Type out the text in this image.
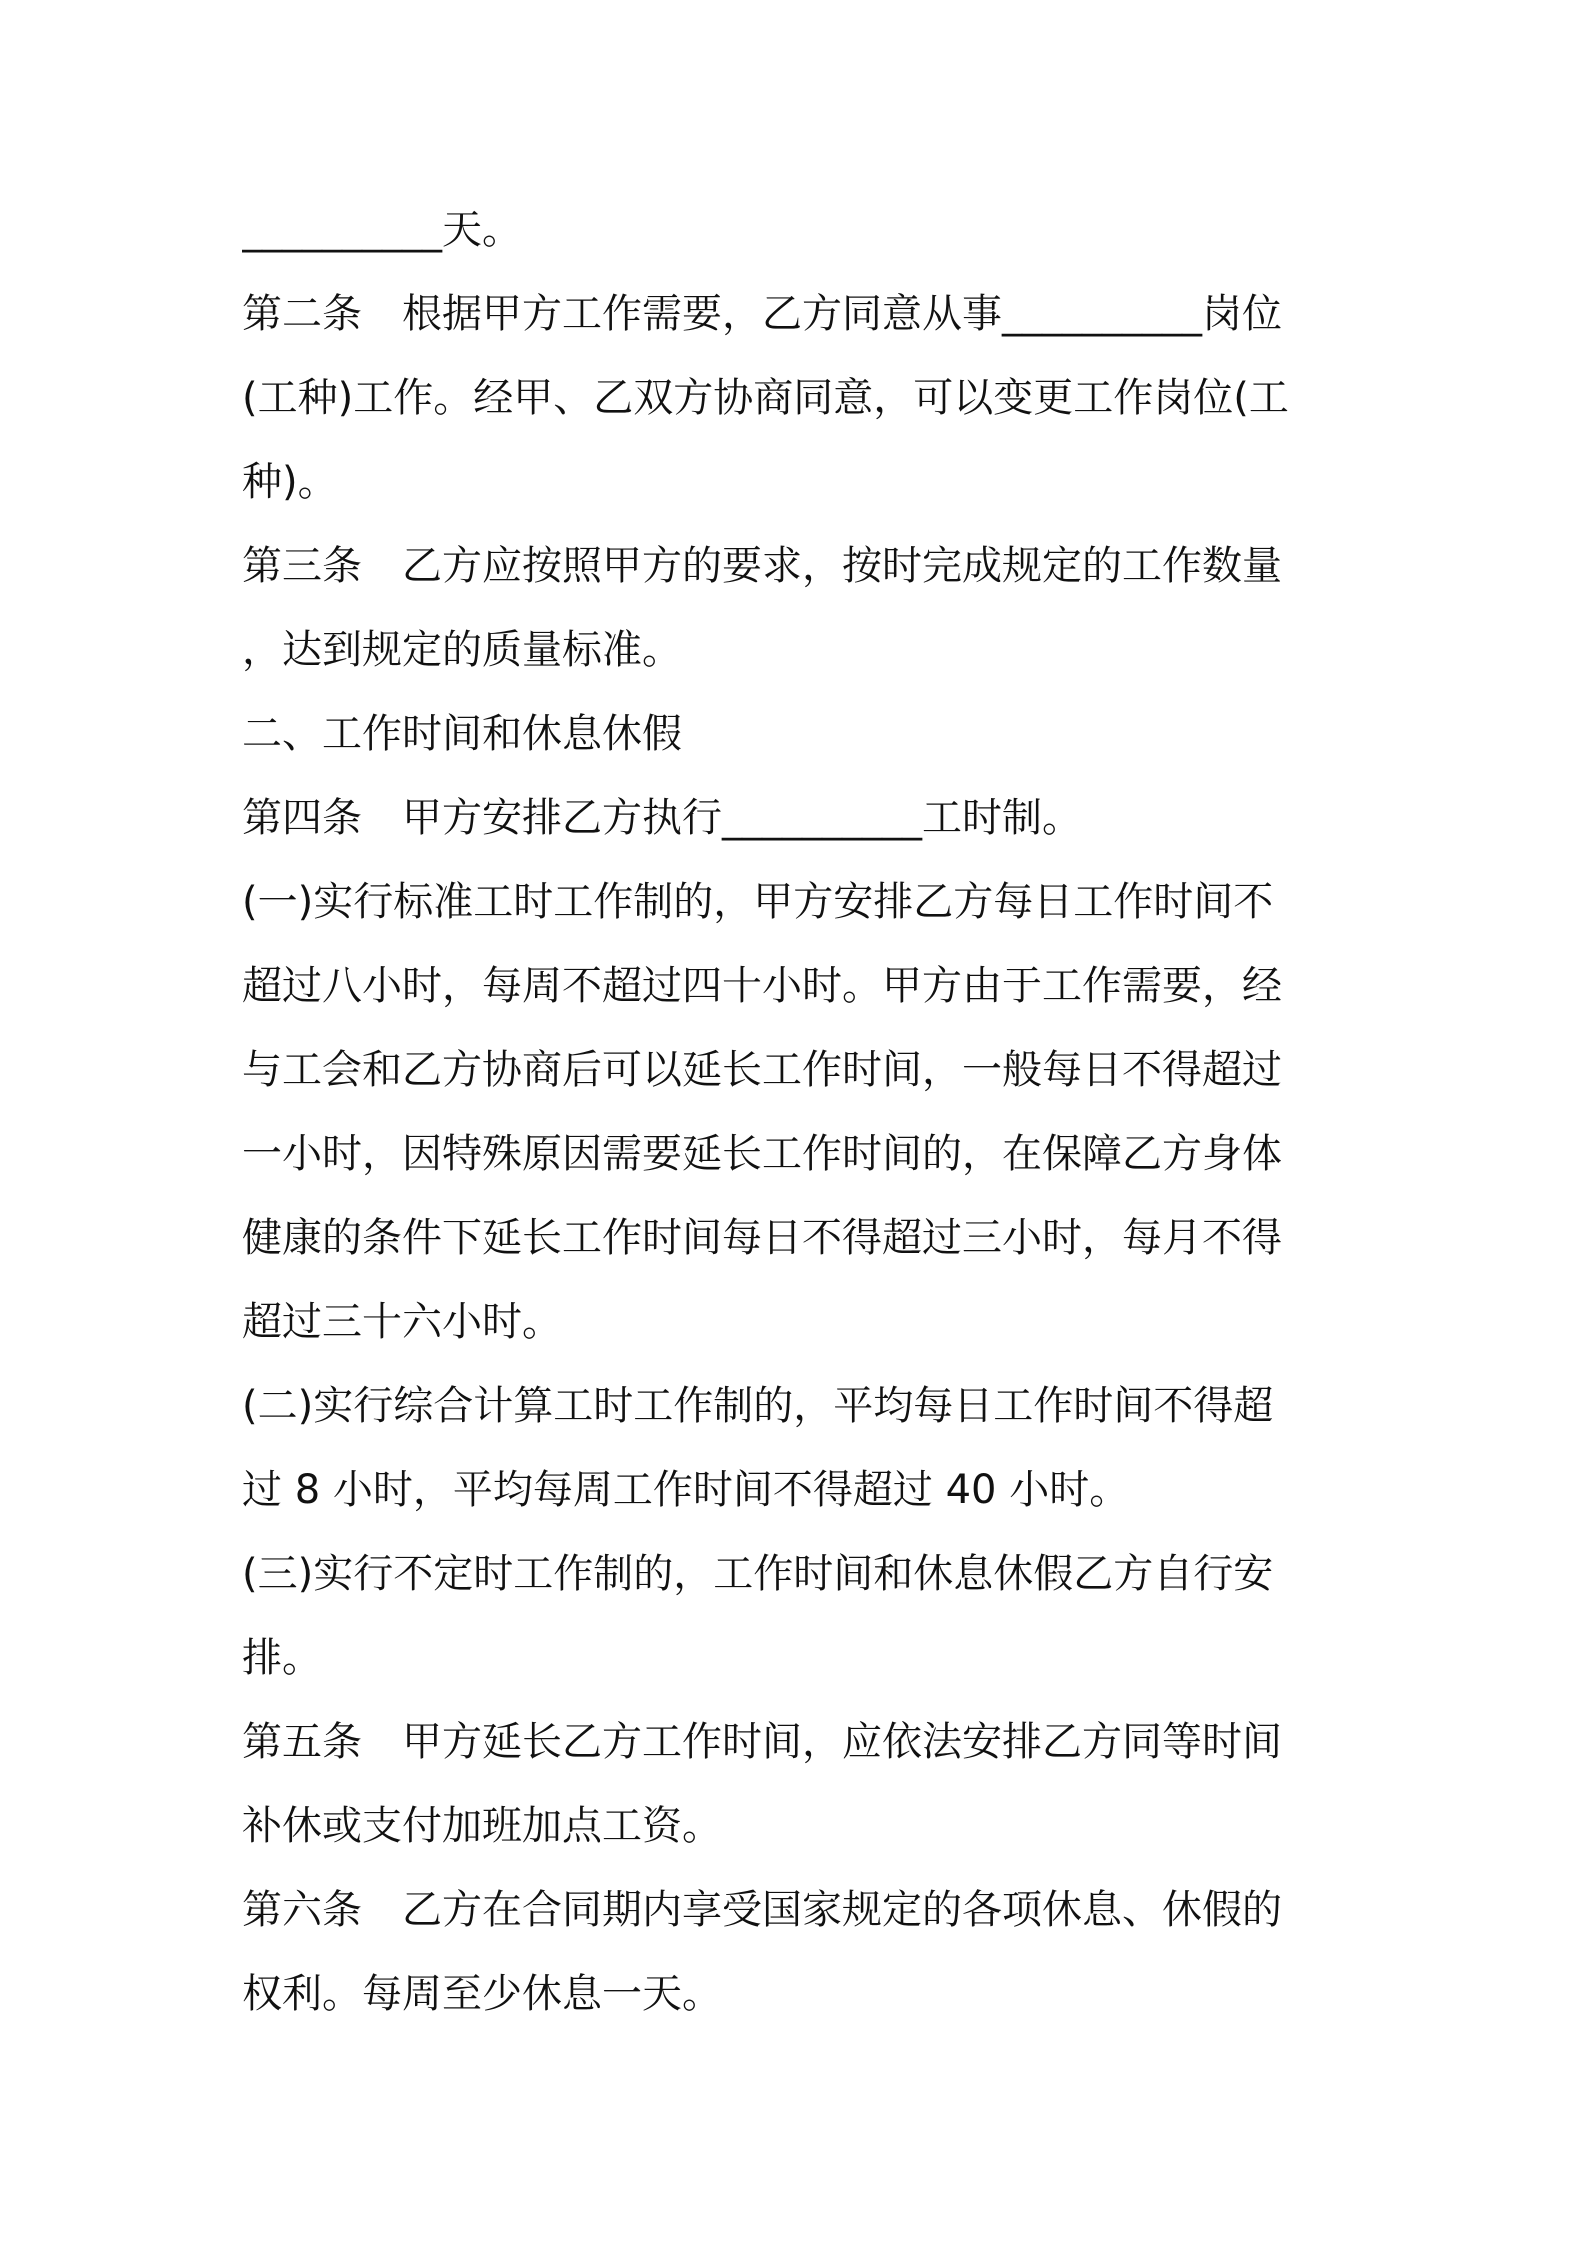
__________天。
第二条　根据甲方工作需要，乙方同意从事__________岗位
(工种)工作。经甲、乙双方协商同意，可以变更工作岗位(工
种)。
第三条　乙方应按照甲方的要求，按时完成规定的工作数量
，达到规定的质量标准。
二、工作时间和休息休假
第四条　甲方安排乙方执行__________工时制。
(一)实行标准工时工作制的，甲方安排乙方每日工作时间不
超过八小时，每周不超过四十小时。甲方由于工作需要，经
与工会和乙方协商后可以延长工作时间，一般每日不得超过
一小时，因特殊原因需要延长工作时间的，在保障乙方身体
健康的条件下延长工作时间每日不得超过三小时，每月不得
超过三十六小时。
(二)实行综合计算工时工作制的，平均每日工作时间不得超
过 8 小时，平均每周工作时间不得超过 40 小时。
(三)实行不定时工作制的，工作时间和休息休假乙方自行安
排。
第五条　甲方延长乙方工作时间，应依法安排乙方同等时间
补休或支付加班加点工资。
第六条　乙方在合同期内享受国家规定的各项休息、休假的
权利。每周至少休息一天。
